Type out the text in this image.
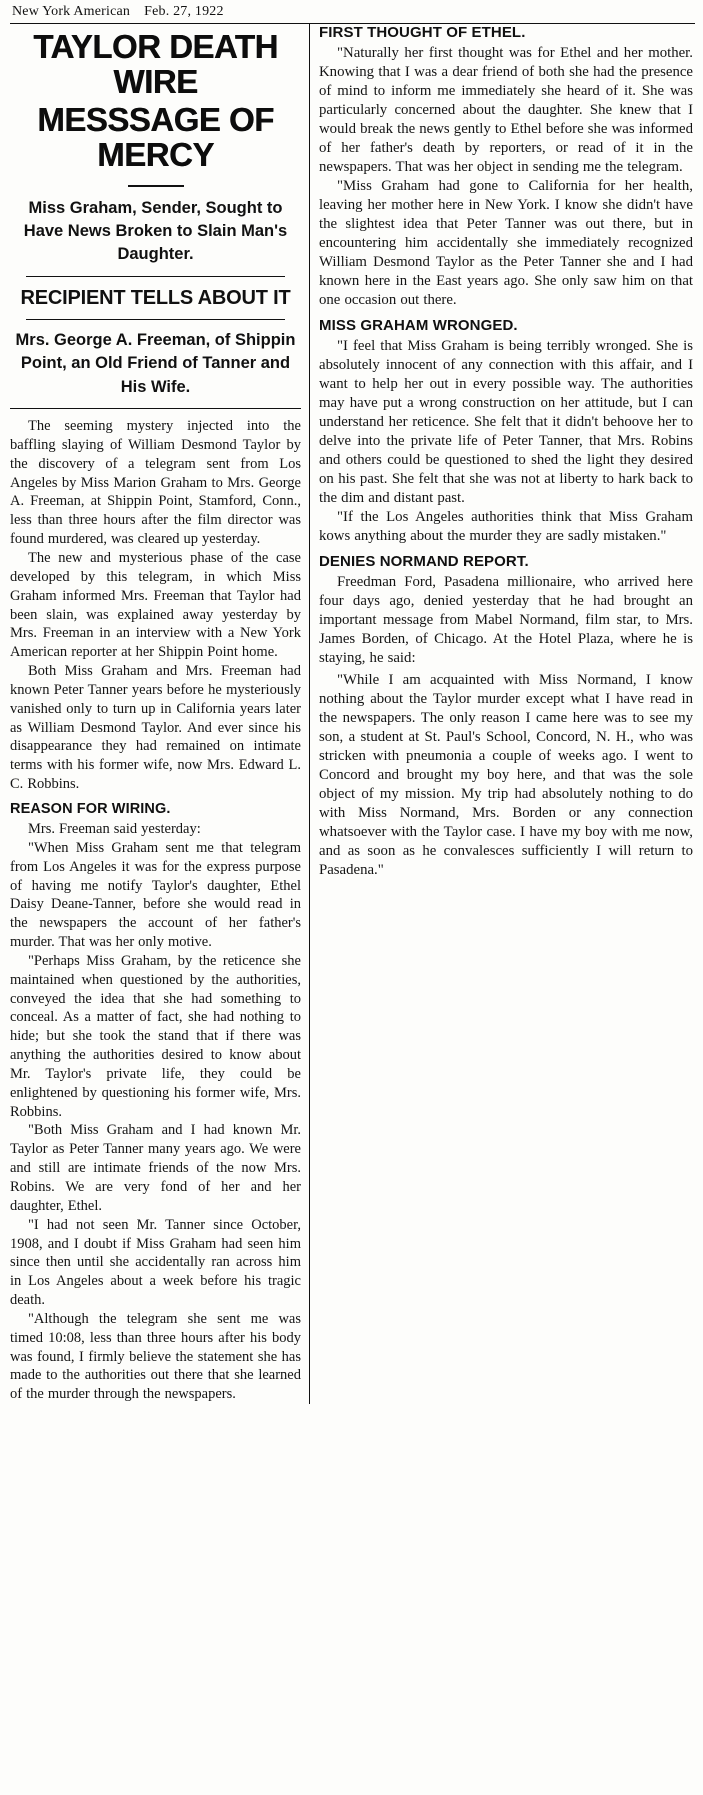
New York American Feb. 27, 1922
TAYLOR DEATH WIRE
MESSSAGE OF MERCY
Miss Graham, Sender, Sought to Have News Broken to Slain Man's Daughter.
RECIPIENT TELLS ABOUT IT
Mrs. George A. Freeman, of Shippin Point, an Old Friend of Tanner and His Wife.

The seeming mystery injected into the baffling slaying of William Desmond Taylor by the discovery of a telegram sent from Los Angeles by Miss Marion Graham to Mrs. George A. Freeman, at Shippin Point, Stamford, Conn., less than three hours after the film director was found murdered, was cleared up yesterday.

The new and mysterious phase of the case developed by this telegram, in which Miss Graham informed Mrs. Freeman that Taylor had been slain, was explained away yesterday by Mrs. Freeman in an interview with a New York American reporter at her Shippin Point home.

Both Miss Graham and Mrs. Freeman had known Peter Tanner years before he mysteriously vanished only to turn up in California years later as William Desmond Taylor. And ever since his disappearance they had remained on intimate terms with his former wife, now Mrs. Edward L. C. Robbins.

REASON FOR WIRING.

Mrs. Freeman said yesterday:

"When Miss Graham sent me that telegram from Los Angeles it was for the express purpose of having me notify Taylor's daughter, Ethel Daisy Deane-Tanner, before she would read in the newspapers the account of her father's murder. That was her only motive.

"Perhaps Miss Graham, by the reticence she maintained when questioned by the authorities, conveyed the idea that she had something to conceal. As a matter of fact, she had nothing to hide; but she took the stand that if there was anything the authorities desired to know about Mr. Taylor's private life, they could be enlightened by questioning his former wife, Mrs. Robbins.

"Both Miss Graham and I had known Mr. Taylor as Peter Tanner many years ago. We were and still are intimate friends of the now Mrs. Robins. We are very fond of her and her daughter, Ethel.

"I had not seen Mr. Tanner since October, 1908, and I doubt if Miss Graham had seen him since then until she accidentally ran across him in Los Angeles about a week before his tragic death.

"Although the telegram she sent me was timed 10:08, less than three hours after his body was found, I firmly believe the statement she has made to the authorities out there that she learned of the murder through the newspapers.

FIRST THOUGHT OF ETHEL.

"Naturally her first thought was for Ethel and her mother. Knowing that I was a dear friend of both she had the presence of mind to inform me immediately she heard of it. She was particularly concerned about the daughter. She knew that I would break the news gently to Ethel before she was informed of her father's death by reporters, or read of it in the newspapers. That was her object in sending me the telegram.

"Miss Graham had gone to California for her health, leaving her mother here in New York. I know she didn't have the slightest idea that Peter Tanner was out there, but in encountering him accidentally she immediately recognized William Desmond Taylor as the Peter Tanner she and I had known here in the East years ago. She only saw him on that one occasion out there.

MISS GRAHAM WRONGED.

"I feel that Miss Graham is being terribly wronged. She is absolutely innocent of any connection with this affair, and I want to help her out in every possible way. The authorities may have put a wrong construction on her attitude, but I can understand her reticence. She felt that it didn't behoove her to delve into the private life of Peter Tanner, that Mrs. Robins and others could be questioned to shed the light they desired on his past. She felt that she was not at liberty to hark back to the dim and distant past.

"If the Los Angeles authorities think that Miss Graham kows anything about the murder they are sadly mistaken."

DENIES NORMAND REPORT.

Freedman Ford, Pasadena millionaire, who arrived here four days ago, denied yesterday that he had brought an important message from Mabel Normand, film star, to Mrs. James Borden, of Chicago. At the Hotel Plaza, where he is staying, he said:

"While I am acquainted with Miss Normand, I know nothing about the Taylor murder except what I have read in the newspapers. The only reason I came here was to see my son, a student at St. Paul's School, Concord, N. H., who was stricken with pneumonia a couple of weeks ago. I went to Concord and brought my boy here, and that was the sole object of my mission. My trip had absolutely nothing to do with Miss Normand, Mrs. Borden or any connection whatsoever with the Taylor case. I have my boy with me now, and as soon as he convalesces sufficiently I will return to Pasadena."
